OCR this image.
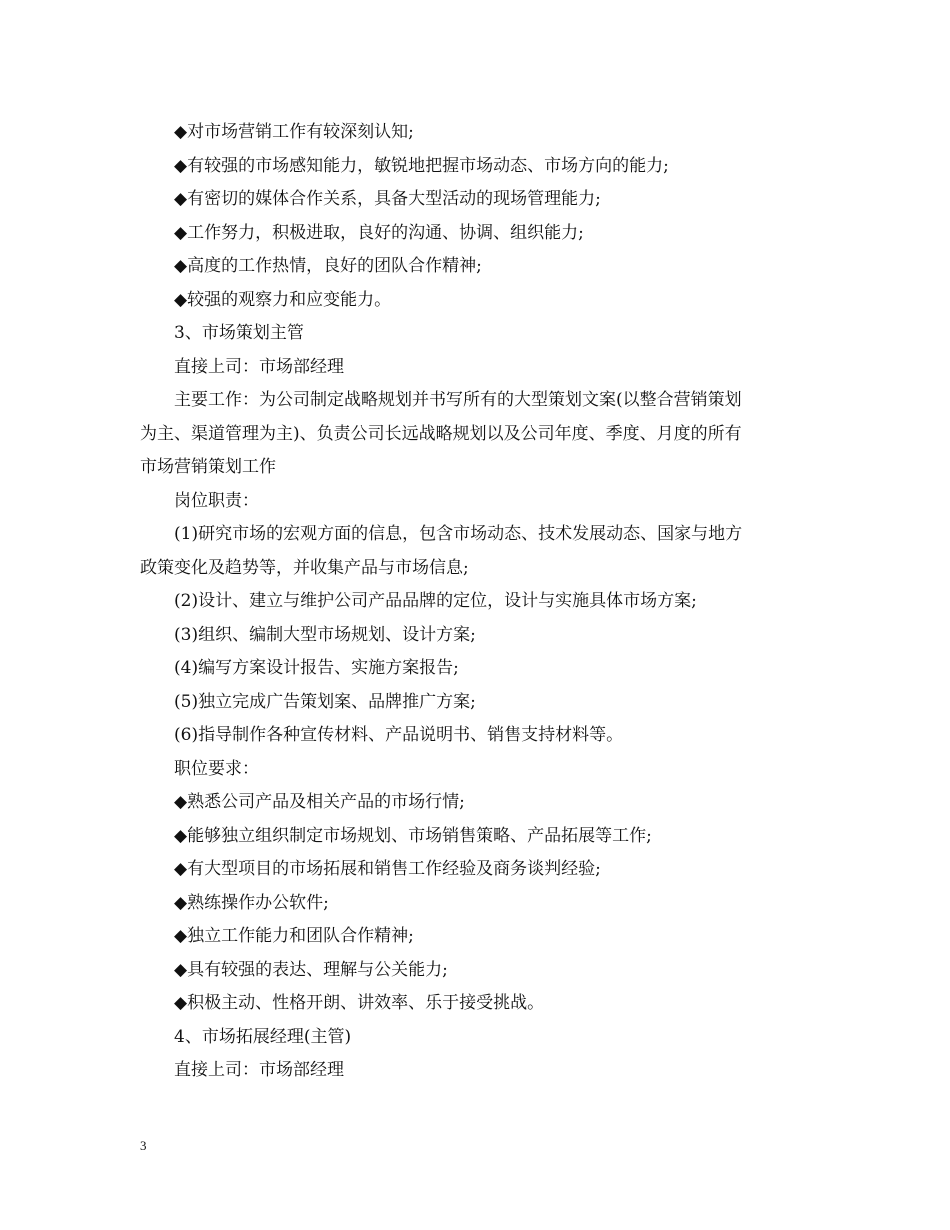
◆对市场营销工作有较深刻认知;
◆有较强的市场感知能力，敏锐地把握市场动态、市场方向的能力;
◆有密切的媒体合作关系，具备大型活动的现场管理能力;
◆工作努力，积极进取，良好的沟通、协调、组织能力;
◆高度的工作热情，良好的团队合作精神;
◆较强的观察力和应变能力。
3、市场策划主管
直接上司：市场部经理
主要工作：为公司制定战略规划并书写所有的大型策划文案(以整合营销策划
为主、渠道管理为主)、负责公司长远战略规划以及公司年度、季度、月度的所有
市场营销策划工作
岗位职责：
(1)研究市场的宏观方面的信息，包含市场动态、技术发展动态、国家与地方
政策变化及趋势等，并收集产品与市场信息;
(2)设计、建立与维护公司产品品牌的定位，设计与实施具体市场方案;
(3)组织、编制大型市场规划、设计方案;
(4)编写方案设计报告、实施方案报告;
(5)独立完成广告策划案、品牌推广方案;
(6)指导制作各种宣传材料、产品说明书、销售支持材料等。
职位要求：
◆熟悉公司产品及相关产品的市场行情;
◆能够独立组织制定市场规划、市场销售策略、产品拓展等工作;
◆有大型项目的市场拓展和销售工作经验及商务谈判经验;
◆熟练操作办公软件;
◆独立工作能力和团队合作精神;
◆具有较强的表达、理解与公关能力;
◆积极主动、性格开朗、讲效率、乐于接受挑战。
4、市场拓展经理(主管)
直接上司：市场部经理
3
